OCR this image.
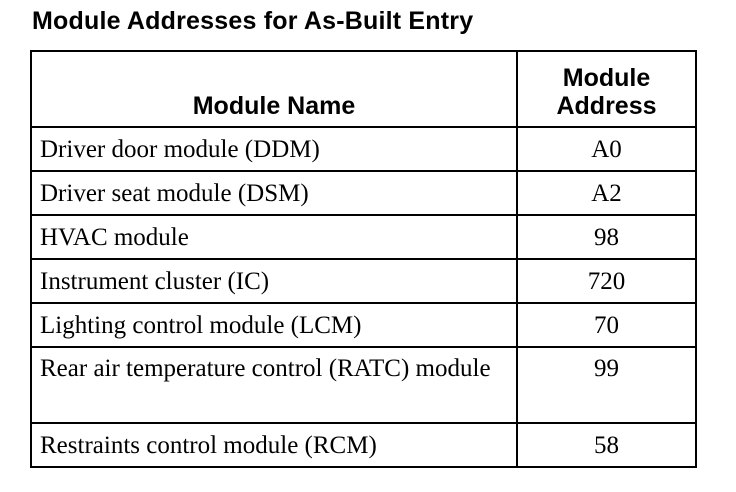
Module Addresses for As-Built Entry
Module Name	Module
Address

Driver door module (DDM)	A0
Driver seat module (DSM)	A2
HVAC module	98
Instrument cluster (IC)	720
Lighting control module (LCM)	70
Rear air temperature control (RATC) module	99
Restraints control module (RCM)	58
